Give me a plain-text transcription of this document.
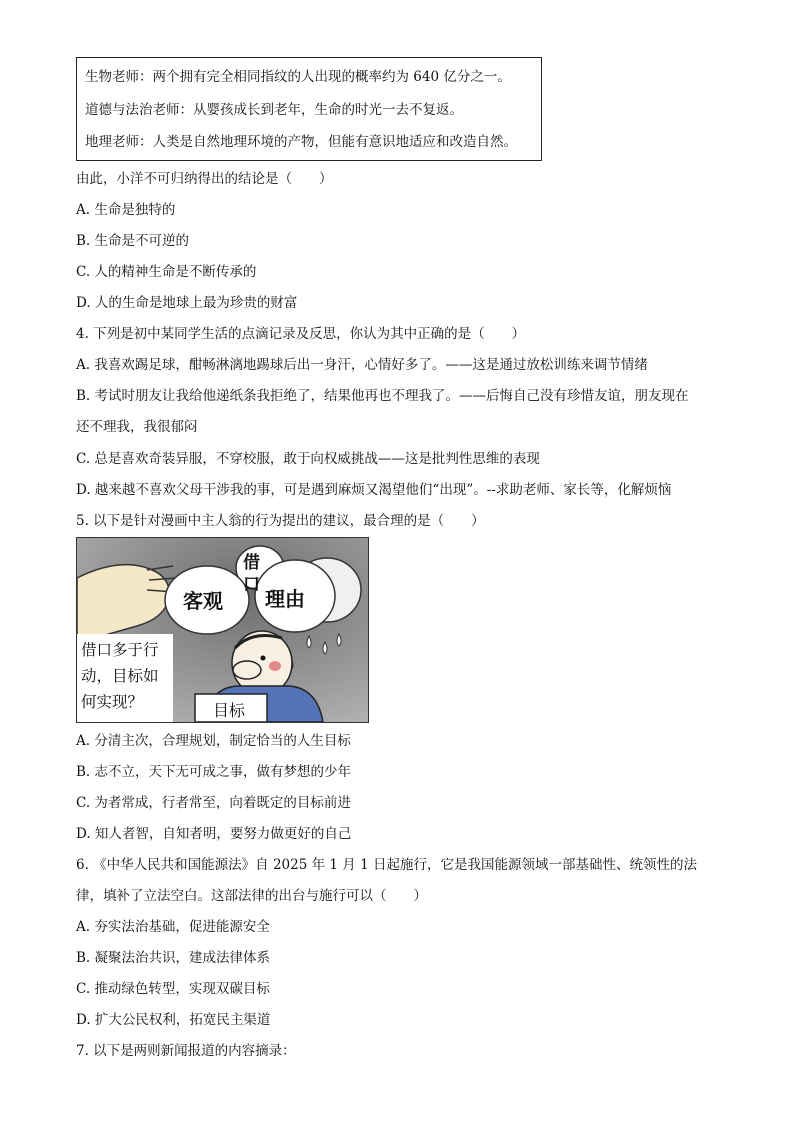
生物老师：两个拥有完全相同指纹的人出现的概率约为 640 亿分之一。
道德与法治老师：从婴孩成长到老年，生命的时光一去不复返。
地理老师：人类是自然地理环境的产物，但能有意识地适应和改造自然。
由此，小洋不可归纳得出的结论是（　　）
A. 生命是独特的
B. 生命是不可逆的
C. 人的精神生命是不断传承的
D. 人的生命是地球上最为珍贵的财富
4. 下列是初中某同学生活的点滴记录及反思，你认为其中正确的是（　　）
A. 我喜欢踢足球，酣畅淋漓地踢球后出一身汗，心情好多了。——这是通过放松训练来调节情绪
B. 考试时朋友让我给他递纸条我拒绝了，结果他再也不理我了。——后悔自己没有珍惜友谊，朋友现在
还不理我，我很郁闷
C. 总是喜欢奇装异服，不穿校服，敢于向权威挑战——这是批判性思维的表现
D. 越来越不喜欢父母干涉我的事，可是遇到麻烦又渴望他们“出现”。--求助老师、家长等，化解烦恼
5. 以下是针对漫画中主人翁的行为提出的建议，最合理的是（　　）
客观 理由
借
口
目标
借口多于行
动，目标如
何实现？
A. 分清主次，合理规划，制定恰当的人生目标
B. 志不立，天下无可成之事，做有梦想的少年
C. 为者常成，行者常至，向着既定的目标前进
D. 知人者智，自知者明，要努力做更好的自己
6. 《中华人民共和国能源法》自 2025 年 1 月 1 日起施行，它是我国能源领域一部基础性、统领性的法
律，填补了立法空白。这部法律的出台与施行可以（　　）
A. 夯实法治基础，促进能源安全
B. 凝聚法治共识，建成法律体系
C. 推动绿色转型，实现双碳目标
D. 扩大公民权利，拓宽民主渠道
7. 以下是两则新闻报道的内容摘录：
